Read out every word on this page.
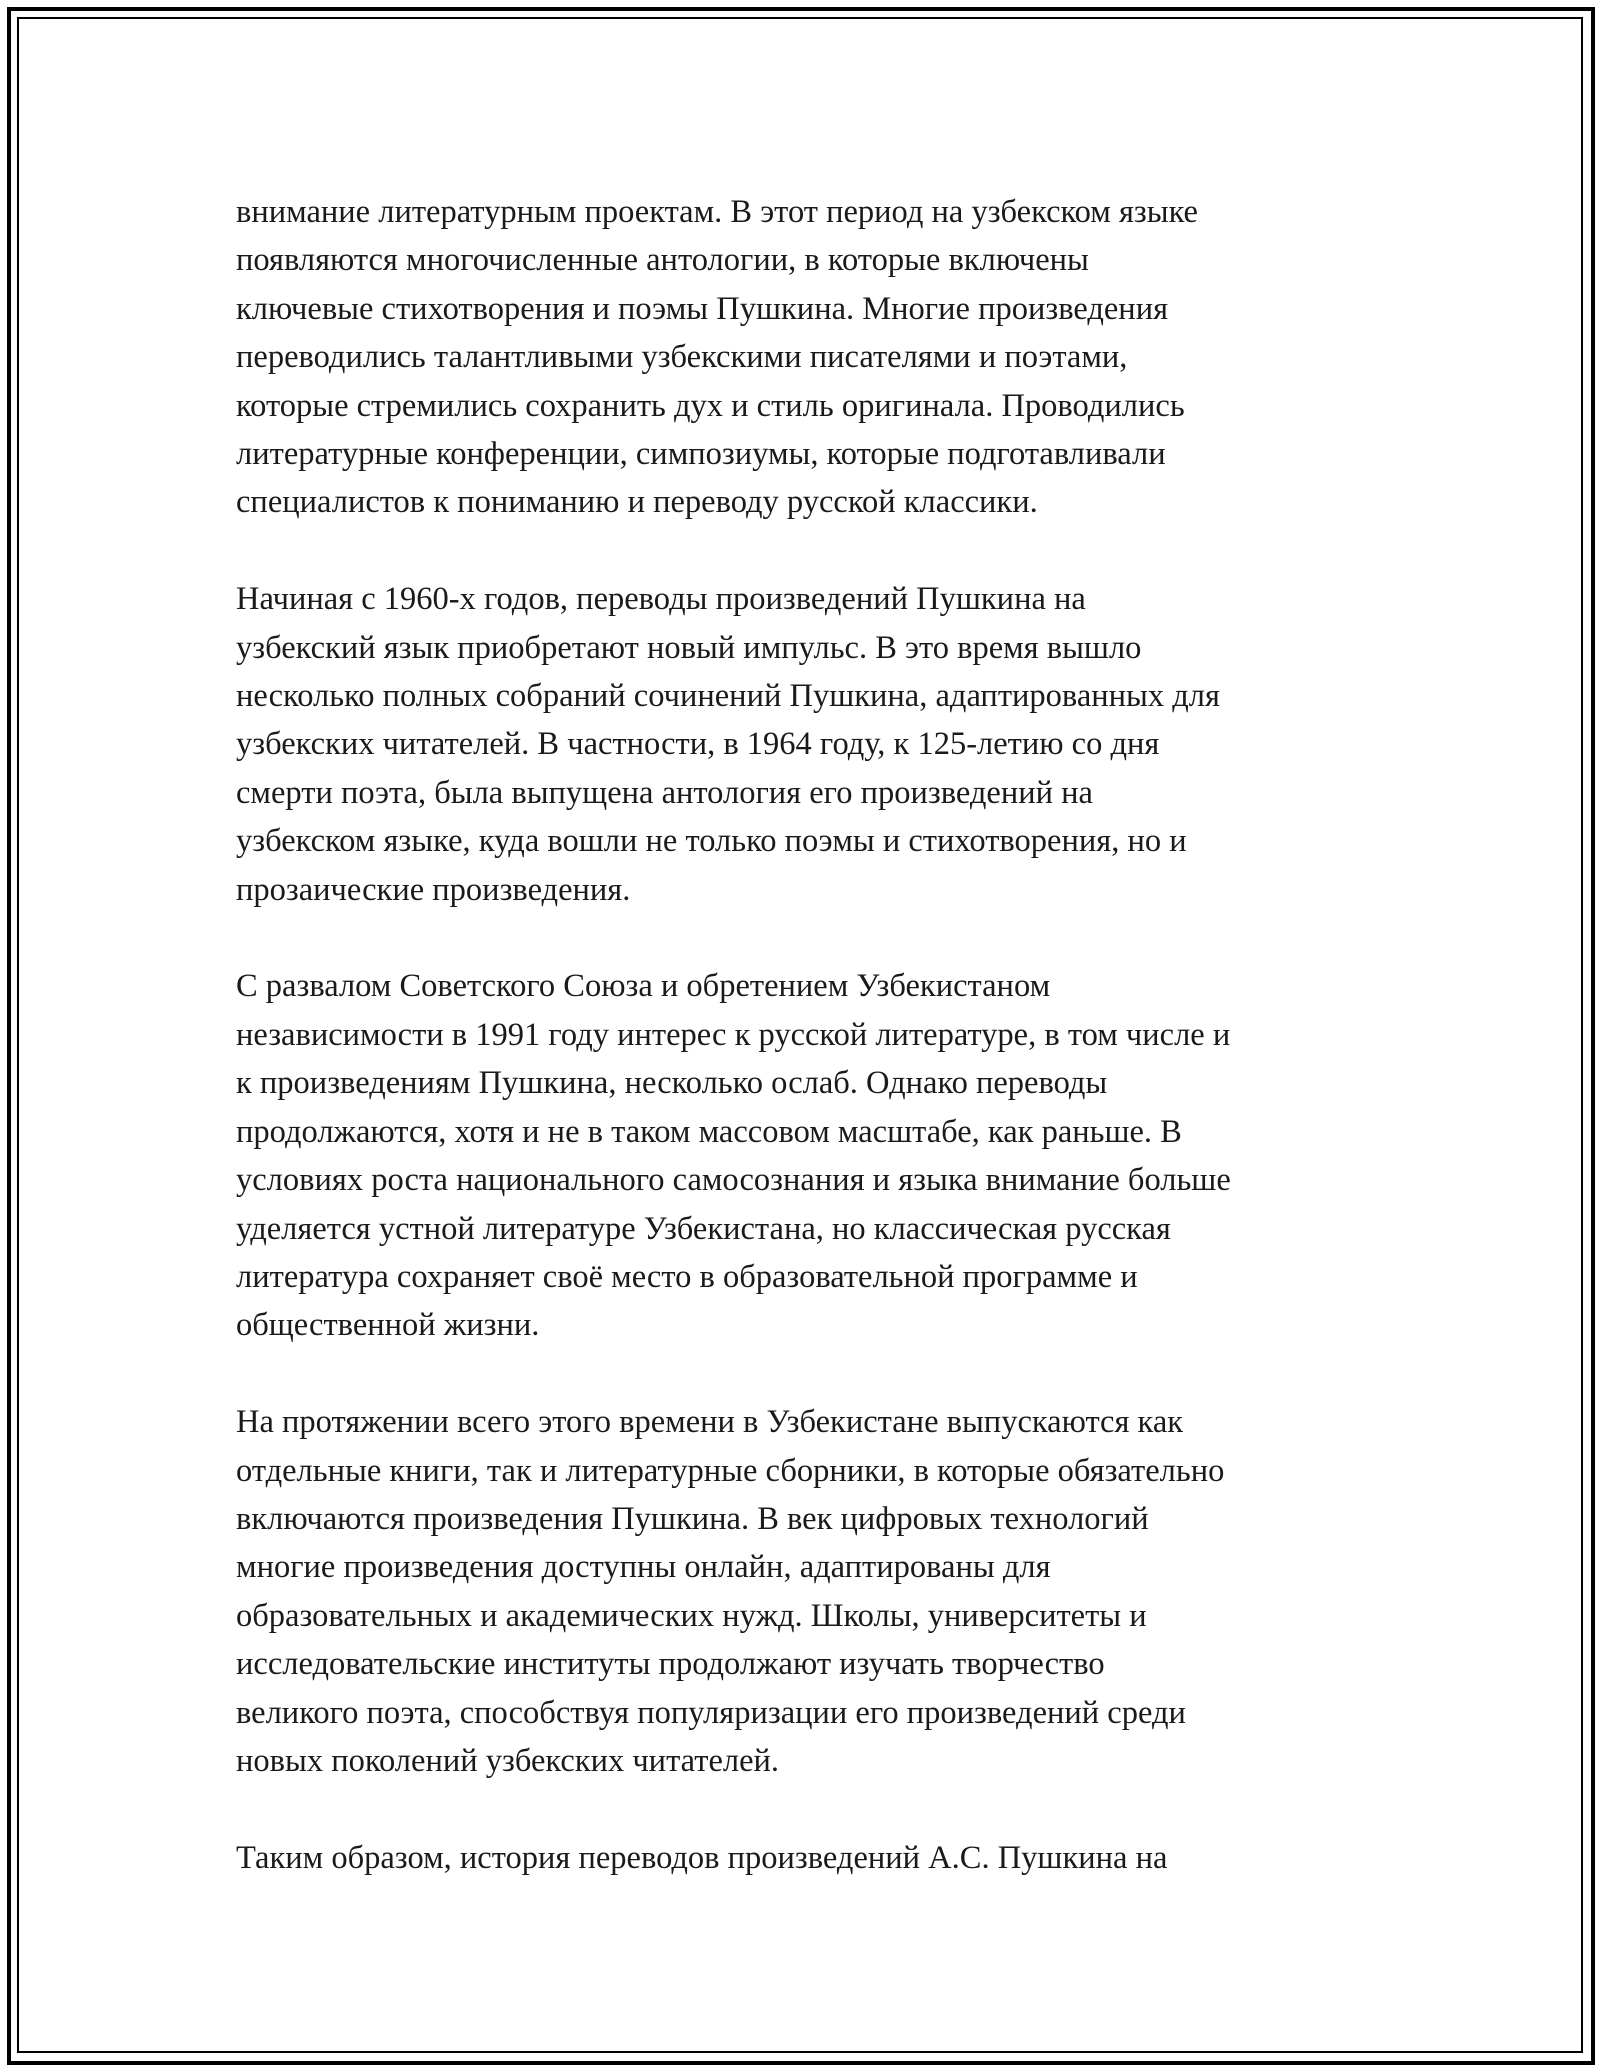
внимание литературным проектам. В этот период на узбекском языке
появляются многочисленные антологии, в которые включены
ключевые стихотворения и поэмы Пушкина. Многие произведения
переводились талантливыми узбекскими писателями и поэтами,
которые стремились сохранить дух и стиль оригинала. Проводились
литературные конференции, симпозиумы, которые подготавливали
специалистов к пониманию и переводу русской классики.
Начиная с 1960-х годов, переводы произведений Пушкина на
узбекский язык приобретают новый импульс. В это время вышло
несколько полных собраний сочинений Пушкина, адаптированных для
узбекских читателей. В частности, в 1964 году, к 125-летию со дня
смерти поэта, была выпущена антология его произведений на
узбекском языке, куда вошли не только поэмы и стихотворения, но и
прозаические произведения.
С развалом Советского Союза и обретением Узбекистаном
независимости в 1991 году интерес к русской литературе, в том числе и
к произведениям Пушкина, несколько ослаб. Однако переводы
продолжаются, хотя и не в таком массовом масштабе, как раньше. В
условиях роста национального самосознания и языка внимание больше
уделяется устной литературе Узбекистана, но классическая русская
литература сохраняет своё место в образовательной программе и
общественной жизни.
На протяжении всего этого времени в Узбекистане выпускаются как
отдельные книги, так и литературные сборники, в которые обязательно
включаются произведения Пушкина. В век цифровых технологий
многие произведения доступны онлайн, адаптированы для
образовательных и академических нужд. Школы, университеты и
исследовательские институты продолжают изучать творчество
великого поэта, способствуя популяризации его произведений среди
новых поколений узбекских читателей.
Таким образом, история переводов произведений А.С. Пушкина на
